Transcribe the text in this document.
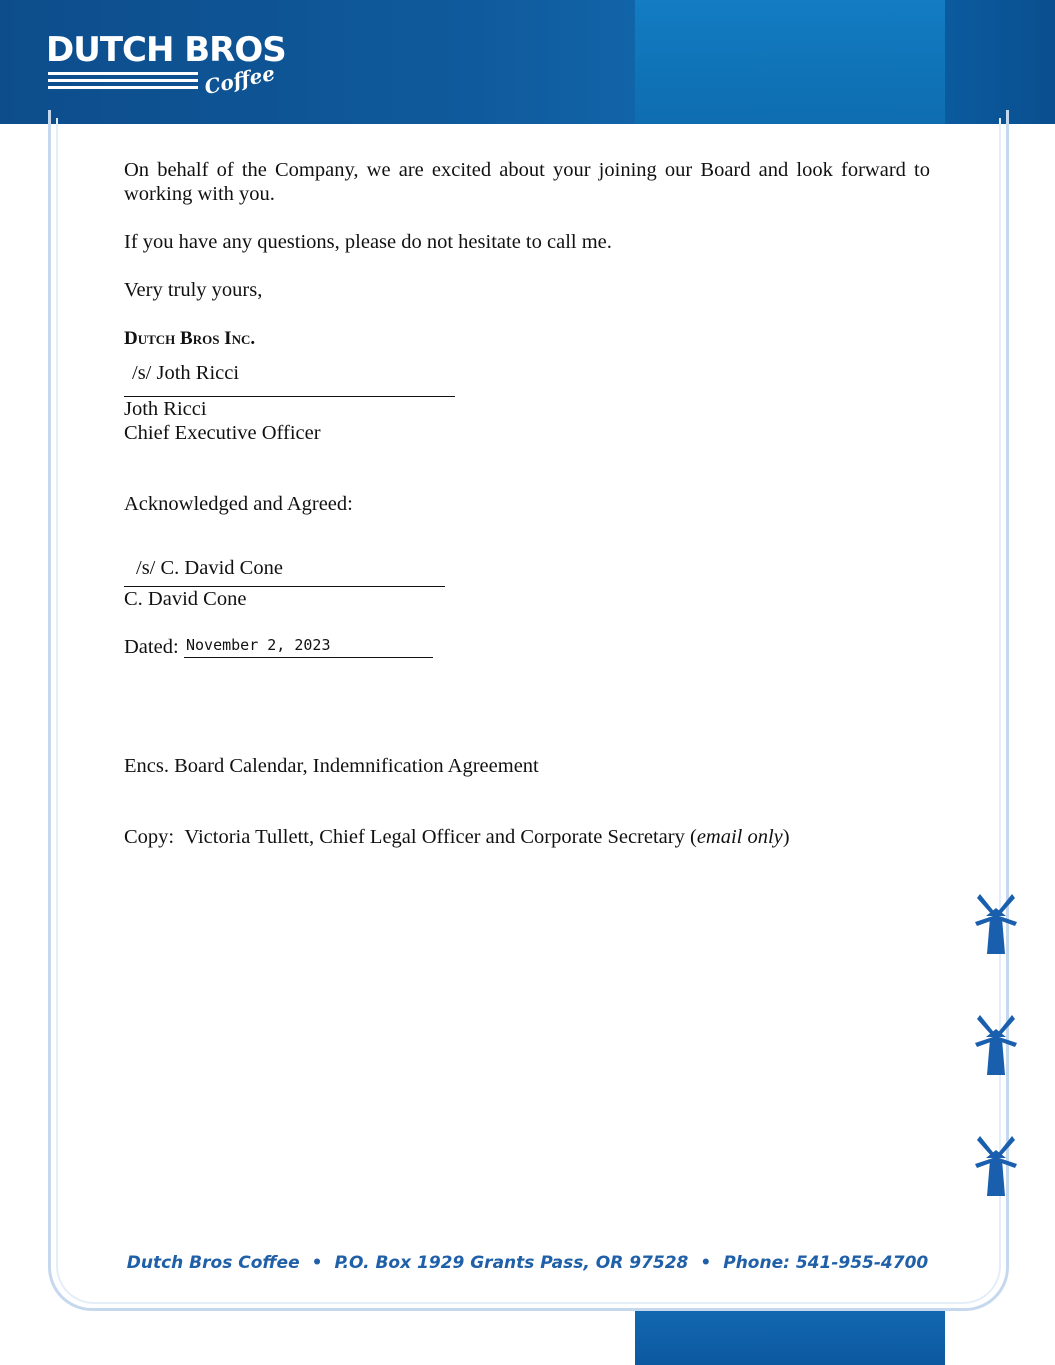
DUTCH BROS
Coffee

On behalf of the Company, we are excited about your joining our Board and look forward to working with you.

If you have any questions, please do not hesitate to call me.

Very truly yours,

Dutch Bros Inc.
/s/ Joth Ricci
Joth Ricci
Chief Executive Officer
Acknowledged and Agreed:
/s/ C. David Cone
C. David Cone
Dated: November 2, 2023
Encs. Board Calendar, Indemnification Agreement
Copy: Victoria Tullett, Chief Legal Officer and Corporate Secretary (email only)
Dutch Bros Coffee • P.O. Box 1929 Grants Pass, OR 97528 • Phone: 541-955-4700
